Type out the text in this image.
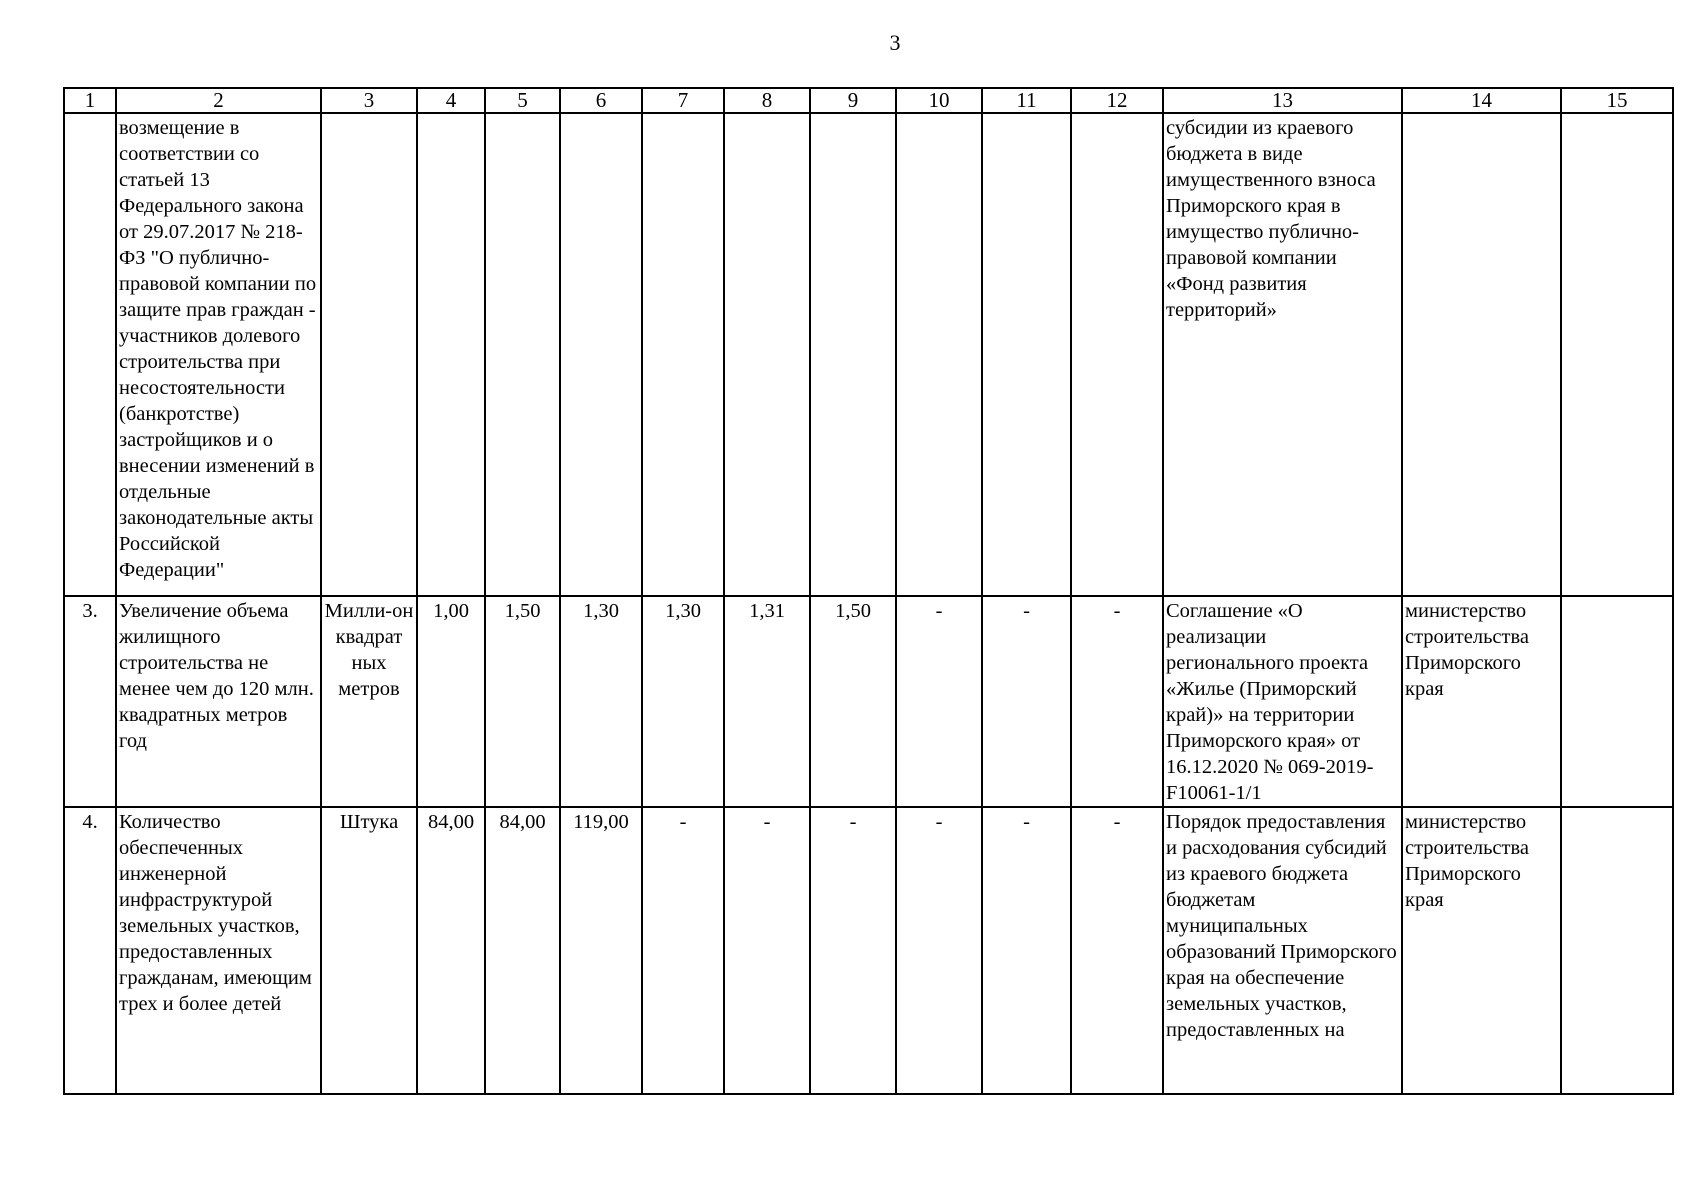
3
1	2	3	4	5	6	7	8	9	10	11	12	13	14	15
	возмещение в соответствии со статьей 13 Федерального закона от 29.07.2017 № 218-ФЗ "О публично-правовой компании по защите прав граждан - участников долевого строительства при несостоятельности (банкротстве) застройщиков и о внесении изменений в отдельные законодательные акты Российской Федерации"											субсидии из краевого бюджета в виде имущественного взноса Приморского края в имущество публично-правовой компании «Фонд развития территорий»		
3.	Увеличение объема жилищного строительства не менее чем до 120 млн. квадратных метров год	Милли-он квадрат ных метров	1,00	1,50	1,30	1,30	1,31	1,50	-	-	-	Соглашение «О реализации регионального проекта «Жилье (Приморский край)» на территории Приморского края» от 16.12.2020 № 069-2019-F10061-1/1	министерство строительства Приморского края	
4.	Количество обеспеченных инженерной инфраструктурой земельных участков, предоставленных гражданам, имеющим трех и более детей	Штука	84,00	84,00	119,00	-	-	-	-	-	-	Порядок предоставления и расходования субсидий из краевого бюджета бюджетам муниципальных образований Приморского края на обеспечение земельных участков, предоставленных на	министерство строительства Приморского края	
